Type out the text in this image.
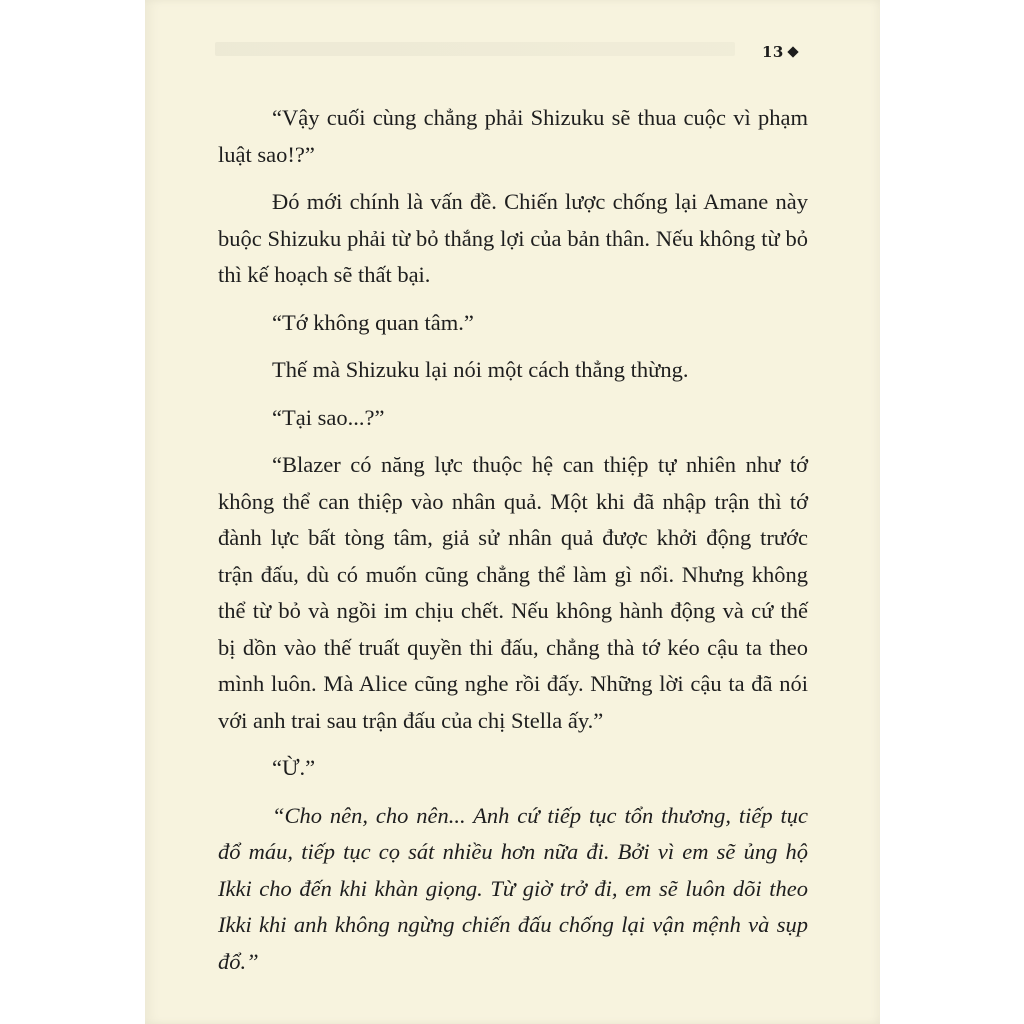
13

“Vậy cuối cùng chẳng phải Shizuku sẽ thua cuộc vì phạm luật sao!?”

Đó mới chính là vấn đề. Chiến lược chống lại Amane này buộc Shizuku phải từ bỏ thắng lợi của bản thân. Nếu không từ bỏ thì kế hoạch sẽ thất bại.

“Tớ không quan tâm.”

Thế mà Shizuku lại nói một cách thẳng thừng.

“Tại sao...?”

“Blazer có năng lực thuộc hệ can thiệp tự nhiên như tớ không thể can thiệp vào nhân quả. Một khi đã nhập trận thì tớ đành lực bất tòng tâm, giả sử nhân quả được khởi động trước trận đấu, dù có muốn cũng chẳng thể làm gì nổi. Nhưng không thể từ bỏ và ngồi im chịu chết. Nếu không hành động và cứ thế bị dồn vào thế truất quyền thi đấu, chẳng thà tớ kéo cậu ta theo mình luôn. Mà Alice cũng nghe rồi đấy. Những lời cậu ta đã nói với anh trai sau trận đấu của chị Stella ấy.”

“Ừ.”

“Cho nên, cho nên... Anh cứ tiếp tục tổn thương, tiếp tục đổ máu, tiếp tục cọ sát nhiều hơn nữa đi. Bởi vì em sẽ ủng hộ Ikki cho đến khi khàn giọng. Từ giờ trở đi, em sẽ luôn dõi theo Ikki khi anh không ngừng chiến đấu chống lại vận mệnh và sụp đổ.”
